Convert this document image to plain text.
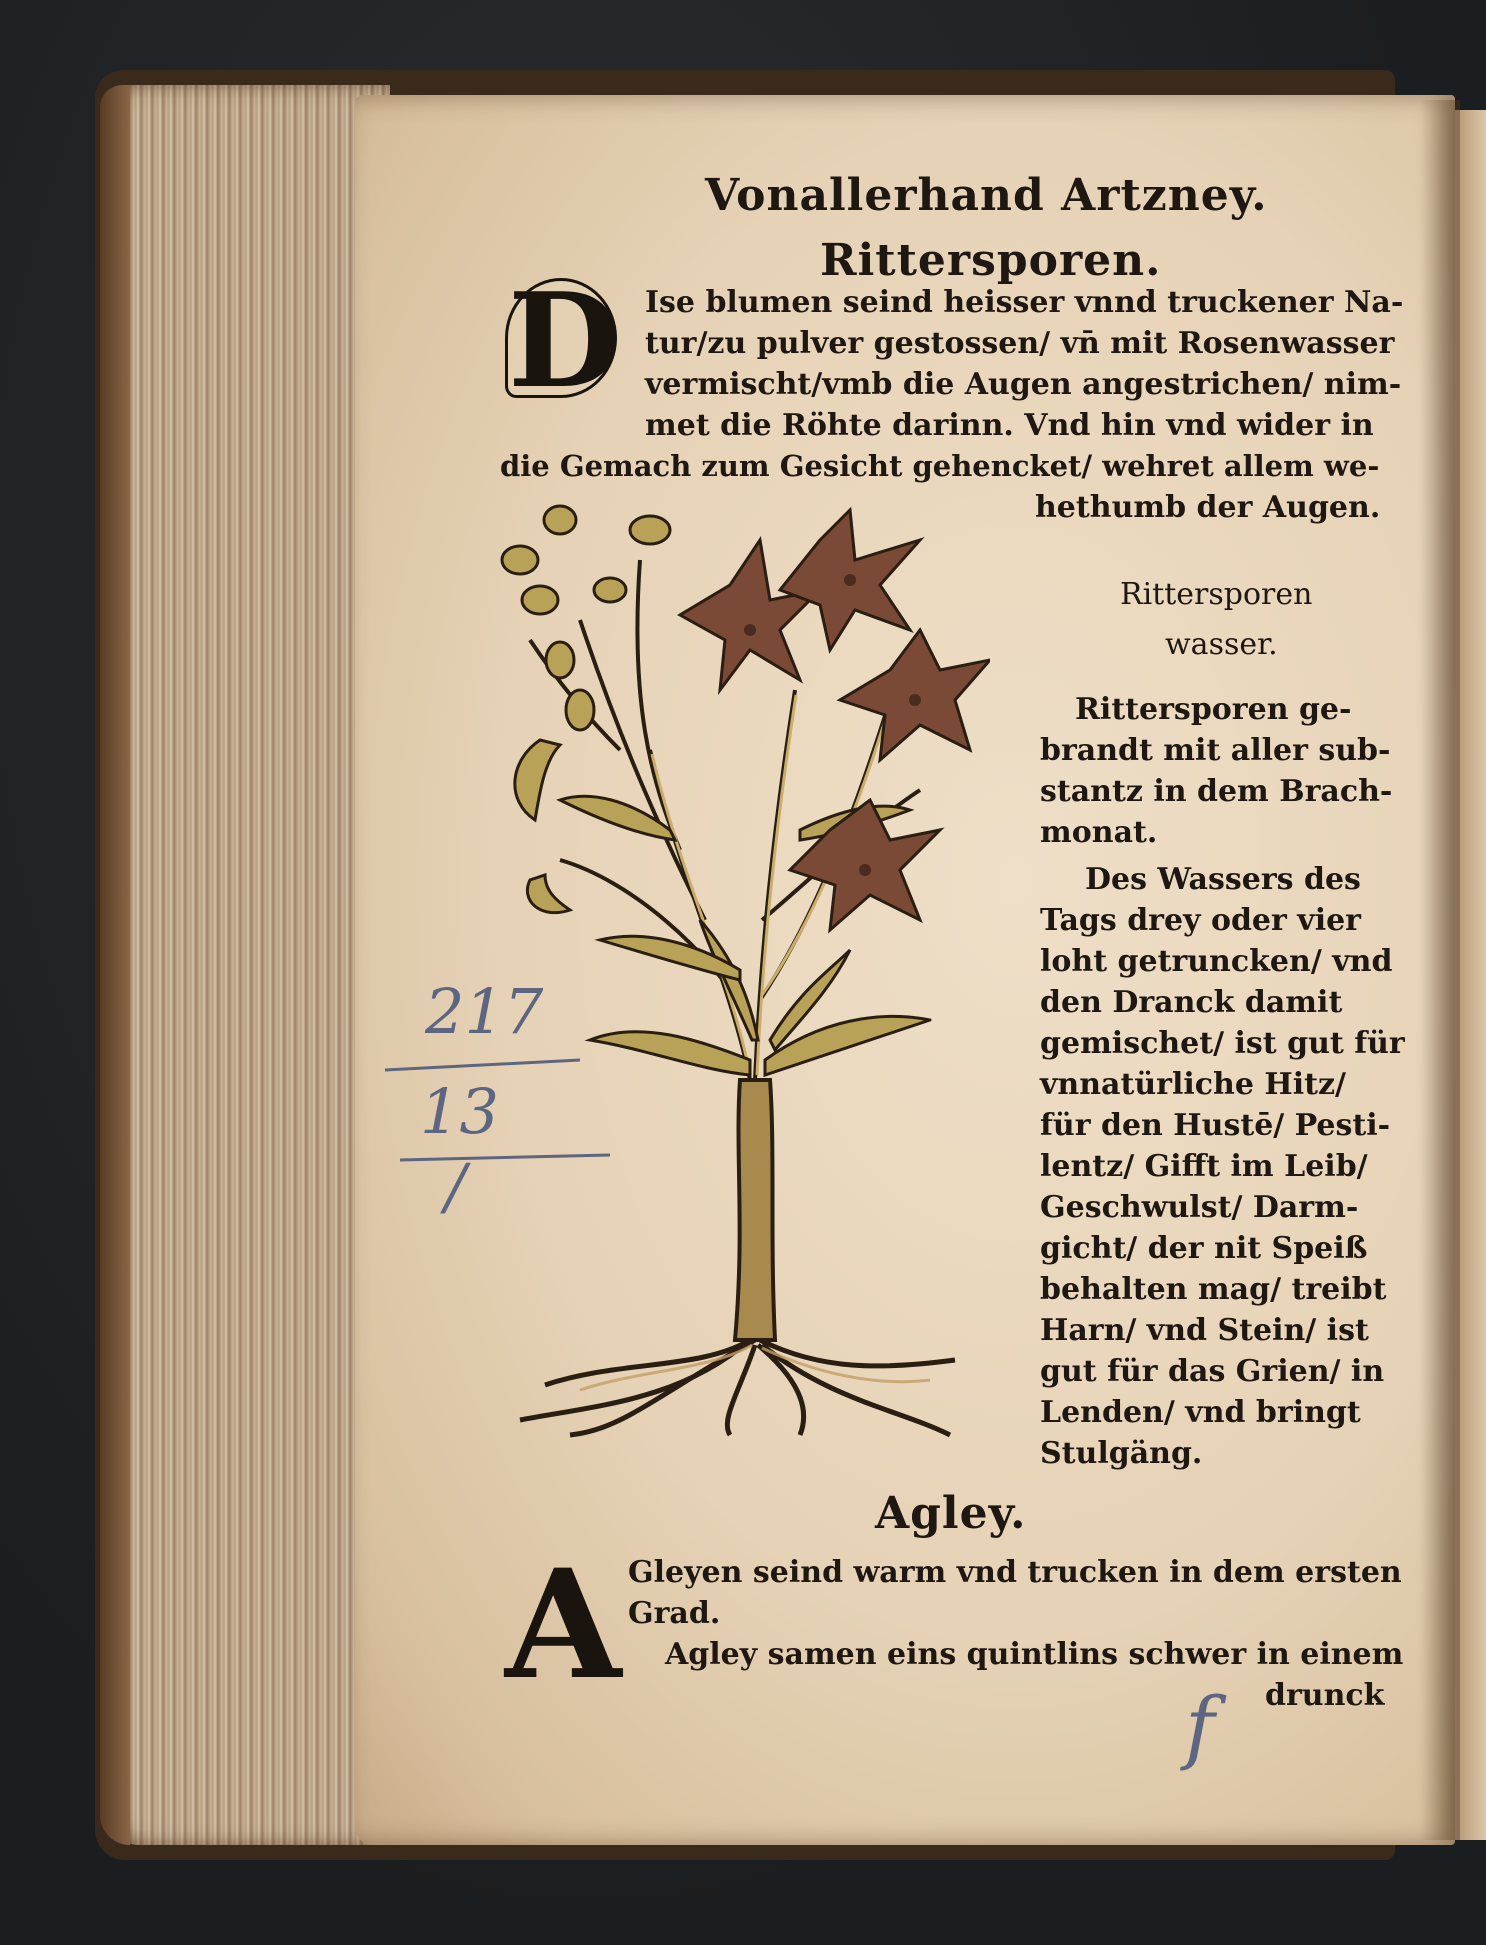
Vonallerhand Artzney.
Rittersporen.
D Ise blumen seind heisser vnnd truckener Na-
tur/zu pulver gestossen/ vn̄ mit Rosenwasser
vermischt/vmb die Augen angestrichen/ nim-
met die Röhte darinn. Vnd hin vnd wider in
die Gemach zum Gesicht gehencket/ wehret allem we-
hethumb der Augen.
Rittersporen
wasser.
Rittersporen ge-
brandt mit aller sub-
stantz in dem Brach-
monat.
Des Wassers des
Tags drey oder vier
loht getruncken/ vnd
den Dranck damit
gemischet/ ist gut für
vnnatürliche Hitz/
für den Hustē/ Pesti-
lentz/ Gifft im Leib/
Geschwulst/ Darm-
gicht/ der nit Speiß
behalten mag/ treibt
Harn/ vnd Stein/ ist
gut für das Grien/ in
Lenden/ vnd bringt
Stulgäng.
Agley.
A Gleyen seind warm vnd trucken in dem ersten
Grad.
Agley samen eins quintlins schwer in einem
drunck
217
13
/
f
